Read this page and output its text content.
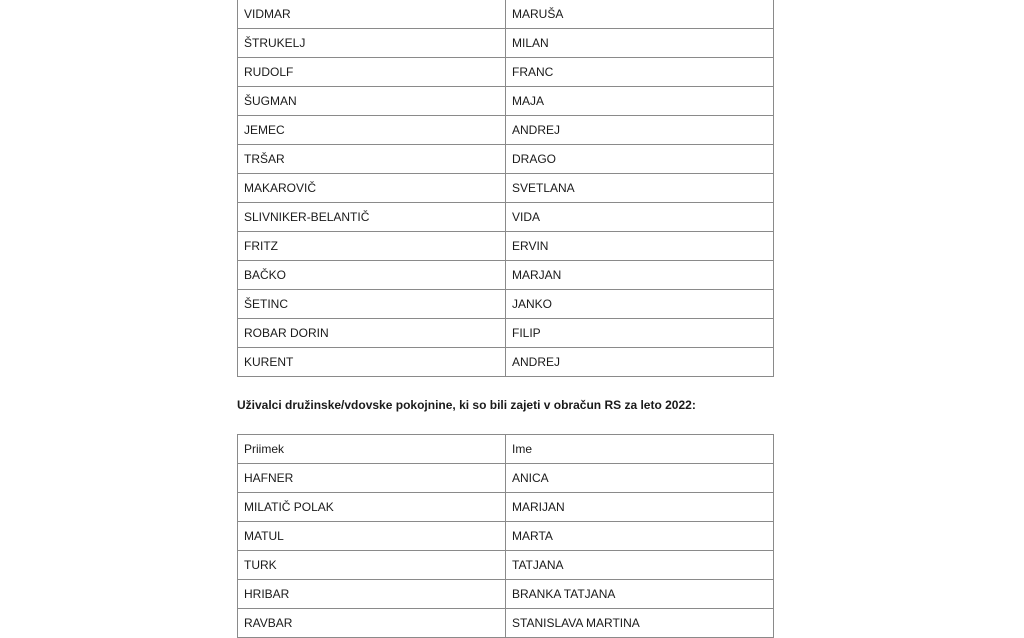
VIDMAR	MARUŠA
ŠTRUKELJ	MILAN
RUDOLF	FRANC
ŠUGMAN	MAJA
JEMEC	ANDREJ
TRŠAR	DRAGO
MAKAROVIČ	SVETLANA
SLIVNIKER-BELANTIČ	VIDA
FRITZ	ERVIN
BAČKO	MARJAN
ŠETINC	JANKO
ROBAR DORIN	FILIP
KURENT	ANDREJ

Uživalci družinske/vdovske pokojnine, ki so bili zajeti v obračun RS za leto 2022:

Priimek	Ime
HAFNER	ANICA
MILATIČ POLAK	MARIJAN
MATUL	MARTA
TURK	TATJANA
HRIBAR	BRANKA TATJANA
RAVBAR	STANISLAVA MARTINA
